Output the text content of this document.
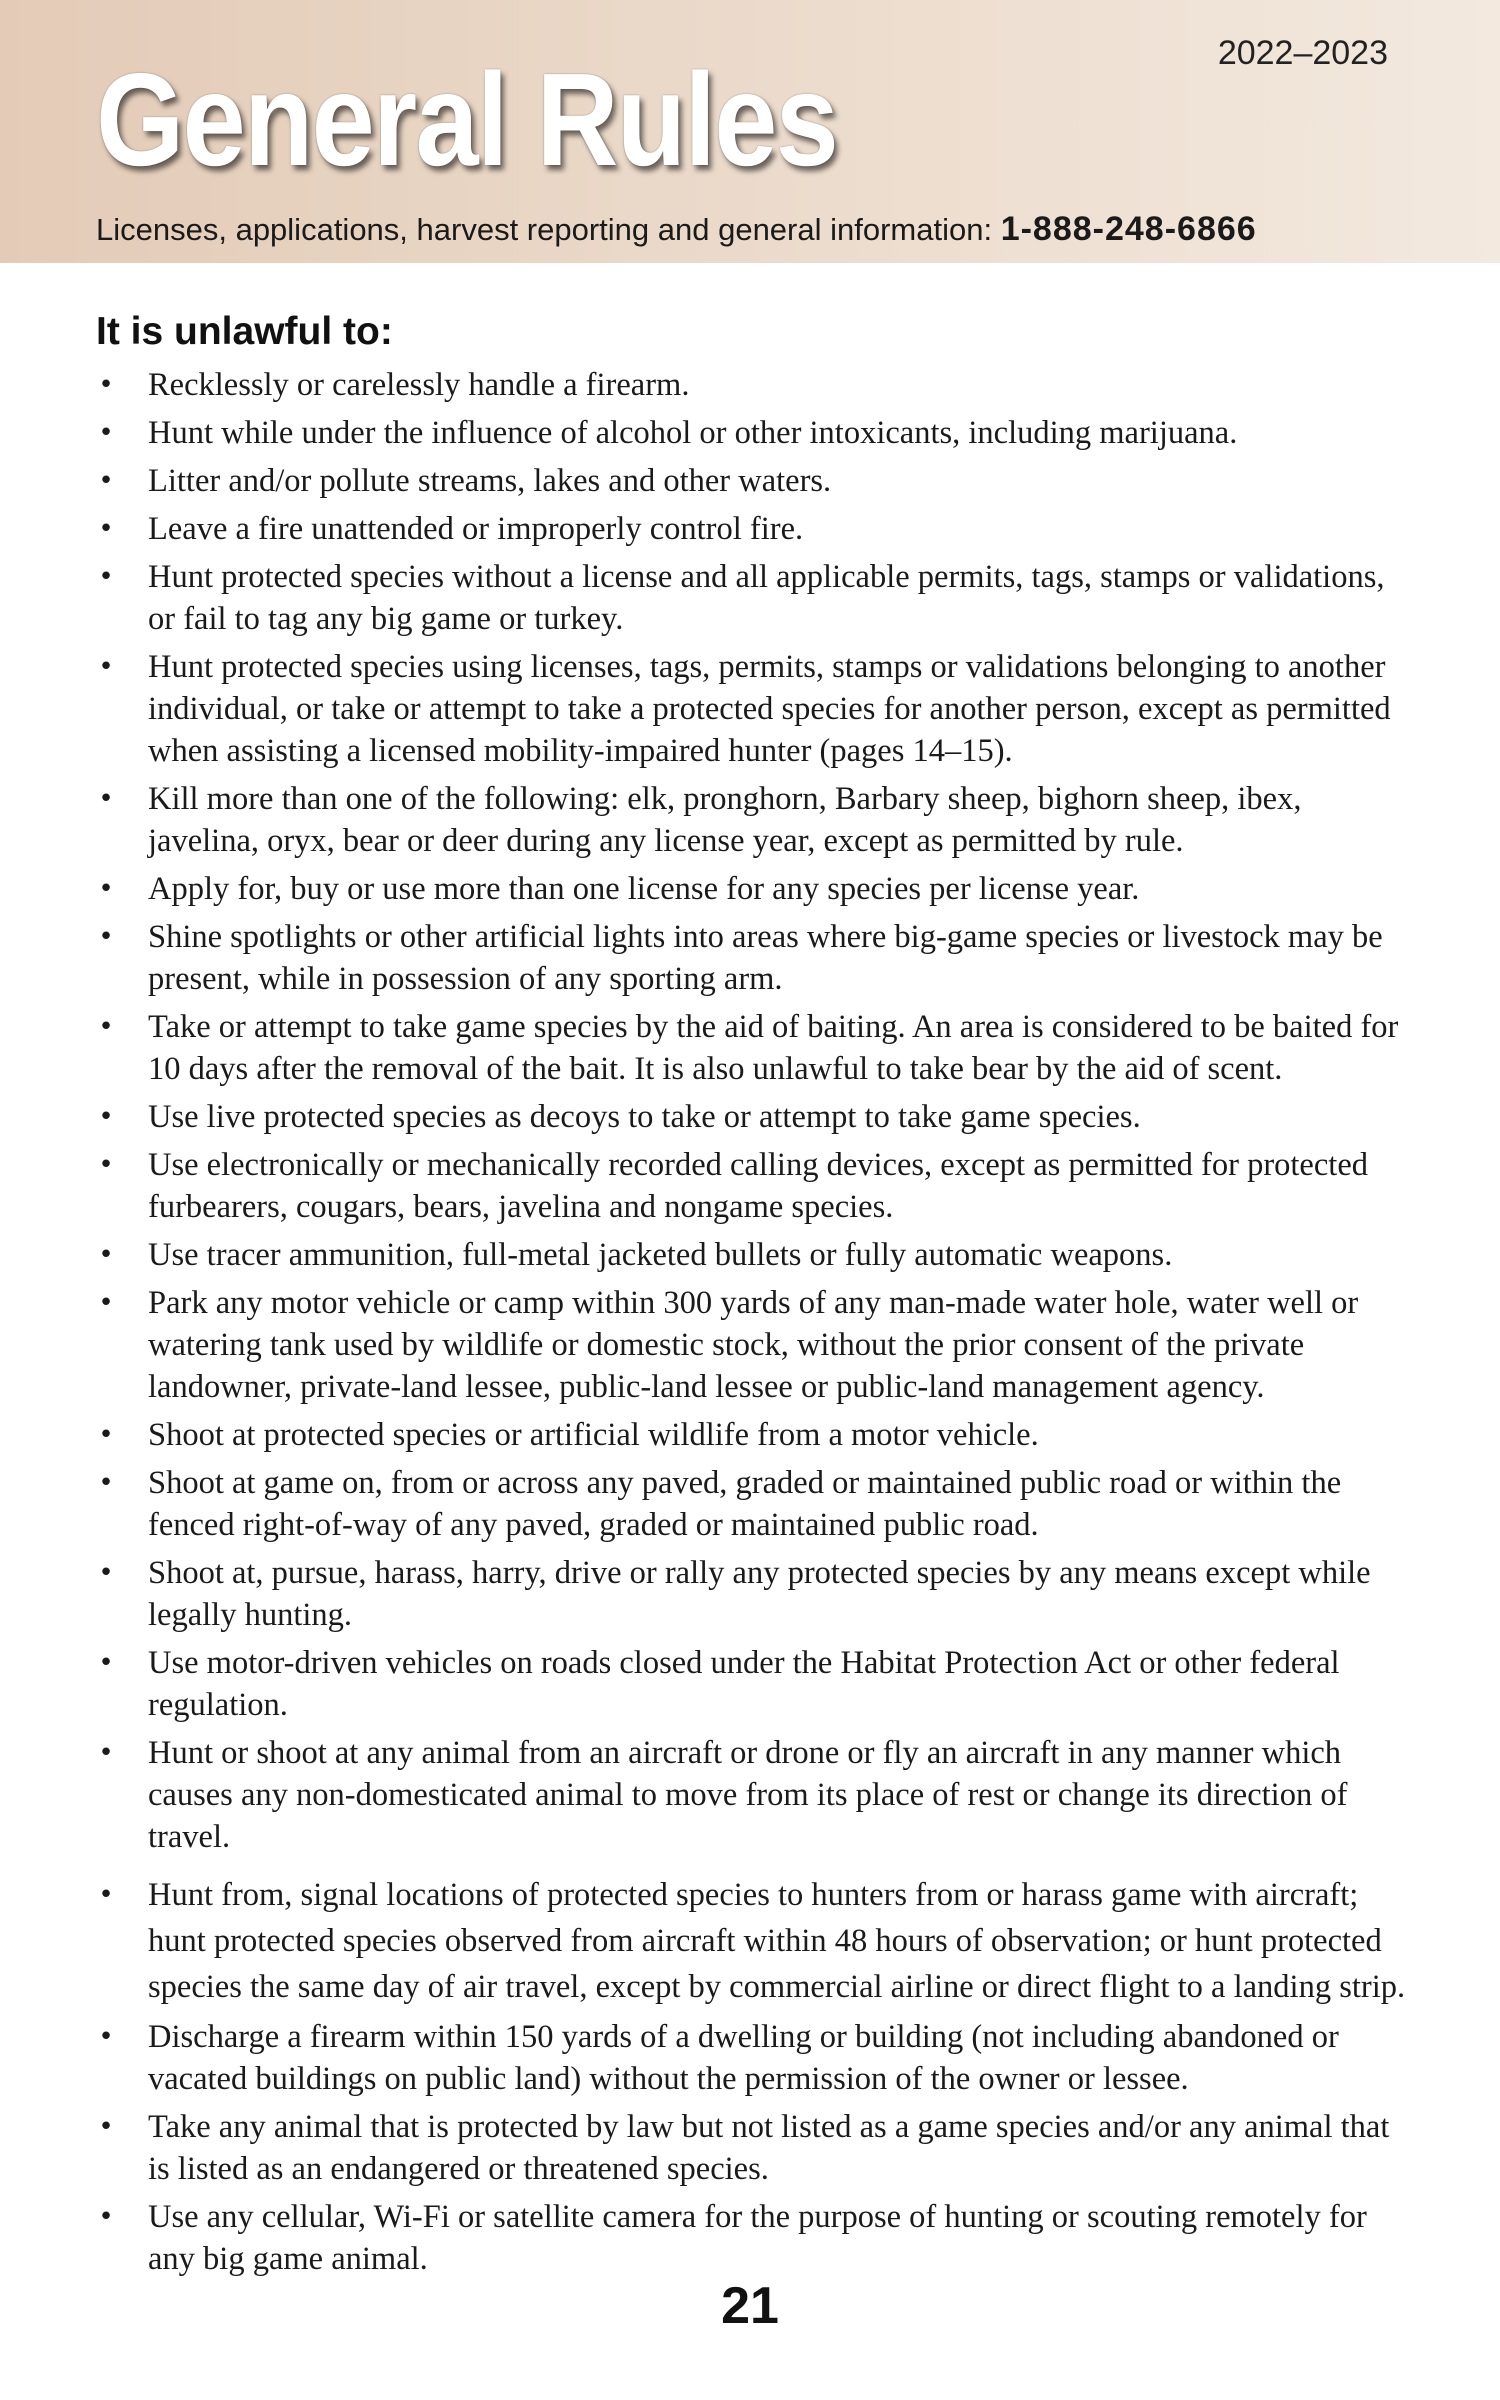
2022–2023
General Rules
Licenses, applications, harvest reporting and general information: 1-888-248-6866
It is unlawful to:
• Recklessly or carelessly handle a firearm.
• Hunt while under the influence of alcohol or other intoxicants, including marijuana.
• Litter and/or pollute streams, lakes and other waters.
• Leave a fire unattended or improperly control fire.
• Hunt protected species without a license and all applicable permits, tags, stamps or validations, or fail to tag any big game or turkey.
• Hunt protected species using licenses, tags, permits, stamps or validations belonging to another individual, or take or attempt to take a protected species for another person, except as permitted when assisting a licensed mobility-impaired hunter (pages 14–15).
• Kill more than one of the following: elk, pronghorn, Barbary sheep, bighorn sheep, ibex, javelina, oryx, bear or deer during any license year, except as permitted by rule.
• Apply for, buy or use more than one license for any species per license year.
• Shine spotlights or other artificial lights into areas where big-game species or livestock may be present, while in possession of any sporting arm.
• Take or attempt to take game species by the aid of baiting. An area is considered to be baited for 10 days after the removal of the bait. It is also unlawful to take bear by the aid of scent.
• Use live protected species as decoys to take or attempt to take game species.
• Use electronically or mechanically recorded calling devices, except as permitted for protected furbearers, cougars, bears, javelina and nongame species.
• Use tracer ammunition, full-metal jacketed bullets or fully automatic weapons.
• Park any motor vehicle or camp within 300 yards of any man-made water hole, water well or watering tank used by wildlife or domestic stock, without the prior consent of the private landowner, private-land lessee, public-land lessee or public-land management agency.
• Shoot at protected species or artificial wildlife from a motor vehicle.
• Shoot at game on, from or across any paved, graded or maintained public road or within the fenced right-of-way of any paved, graded or maintained public road.
• Shoot at, pursue, harass, harry, drive or rally any protected species by any means except while legally hunting.
• Use motor-driven vehicles on roads closed under the Habitat Protection Act or other federal regulation.
• Hunt or shoot at any animal from an aircraft or drone or fly an aircraft in any manner which causes any non-domesticated animal to move from its place of rest or change its direction of travel.
• Hunt from, signal locations of protected species to hunters from or harass game with aircraft; hunt protected species observed from aircraft within 48 hours of observation; or hunt protected species the same day of air travel, except by commercial airline or direct flight to a landing strip.
• Discharge a firearm within 150 yards of a dwelling or building (not including abandoned or vacated buildings on public land) without the permission of the owner or lessee.
• Take any animal that is protected by law but not listed as a game species and/or any animal that is listed as an endangered or threatened species.
• Use any cellular, Wi-Fi or satellite camera for the purpose of hunting or scouting remotely for any big game animal.
21
